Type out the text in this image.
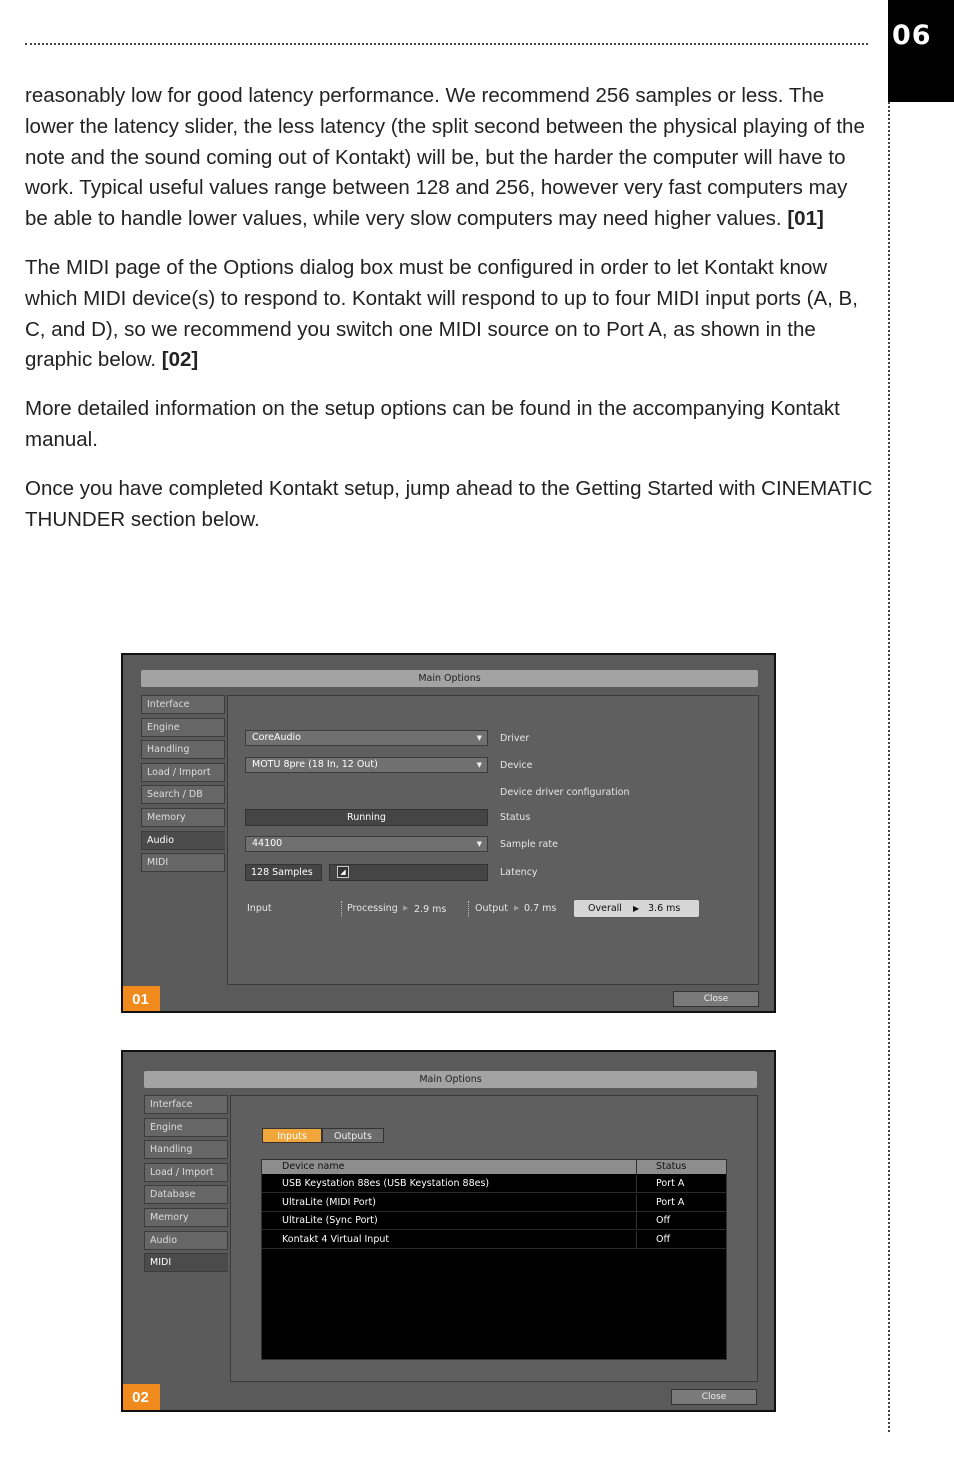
06

reasonably low for good latency performance. We recommend 256 samples or less. The lower the latency slider, the less latency (the split second between the physical playing of the note and the sound coming out of Kontakt) will be, but the harder the computer will have to work. Typical useful values range between 128 and 256, however very fast computers may be able to handle lower values, while very slow computers may need higher values. [01]

The MIDI page of the Options dialog box must be configured in order to let Kontakt know which MIDI device(s) to respond to. Kontakt will respond to up to four MIDI input ports (A, B, C, and D), so we recommend you switch one MIDI source on to Port A, as shown in the graphic below. [02]

More detailed information on the setup options can be found in the accompanying Kontakt manual.

Once you have completed Kontakt setup, jump ahead to the Getting Started with CINEMATIC THUNDER section below.

Main Options
Interface
Engine
Handling
Load / Import
Search / DB
Memory
Audio
MIDI
CoreAudio	▼ Driver
MOTU 8pre (18 In, 12 Out)	▼ Device
Device driver configuration
Running	Status
44100	▼ Sample rate
128 Samples	◢	Latency
Input	Processing ▶ 2.9 ms	Output ▶ 0.7 ms	Overall ▶ 3.6 ms
Close
01
Main Options
Interface
Engine
Handling
Load / Import
Database
Memory
Audio
MIDI
Inputs	Outputs
Device name	Status
USB Keystation 88es (USB Keystation 88es)	Port A
UltraLite (MIDI Port)	Port A
UltraLite (Sync Port)	Off
Kontakt 4 Virtual Input	Off
Close
02
